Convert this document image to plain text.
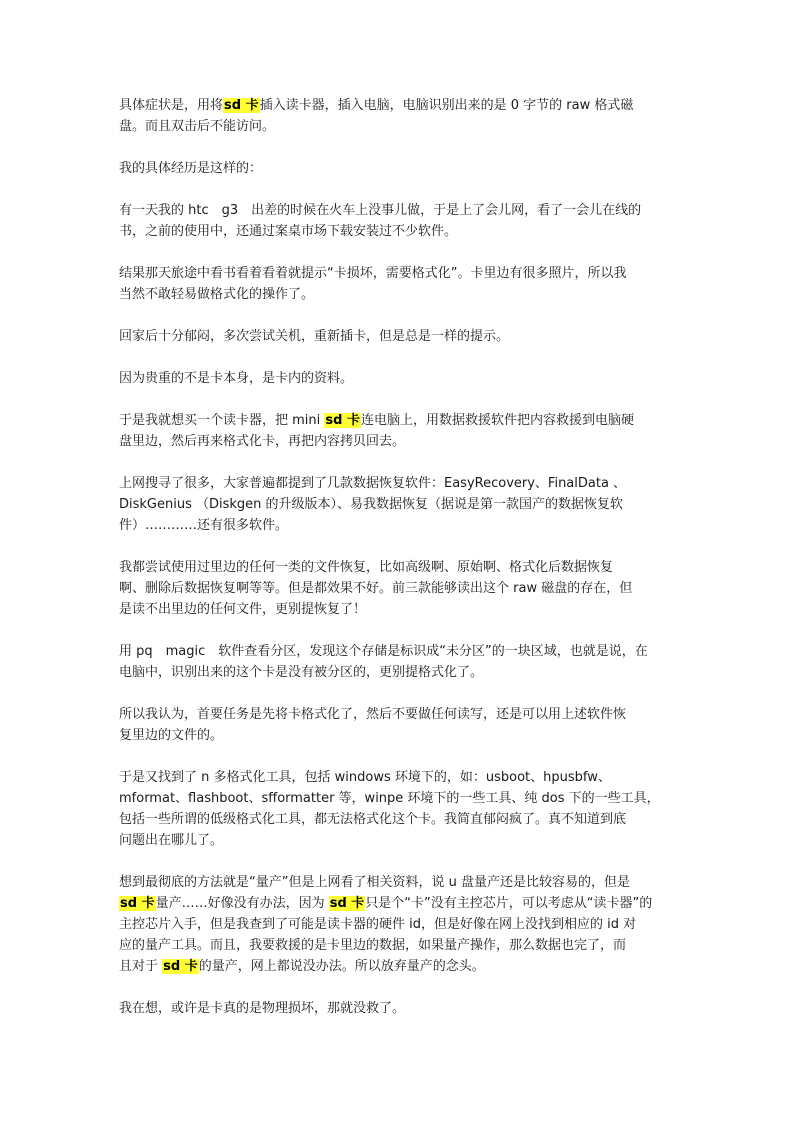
具体症状是，用将sd 卡插入读卡器，插入电脑，电脑识别出来的是 0 字节的 raw 格式磁
盘。而且双击后不能访问。
我的具体经历是这样的：
有一天我的 htc　g3　出差的时候在火车上没事儿做，于是上了会儿网，看了一会儿在线的
书，之前的使用中，还通过案桌市场下载安装过不少软件。
结果那天旅途中看书看着看着就提示“卡损坏，需要格式化”。卡里边有很多照片，所以我
当然不敢轻易做格式化的操作了。
回家后十分郁闷，多次尝试关机，重新插卡，但是总是一样的提示。
因为贵重的不是卡本身，是卡内的资料。
于是我就想买一个读卡器，把 mini sd 卡连电脑上，用数据救援软件把内容救援到电脑硬
盘里边，然后再来格式化卡，再把内容拷贝回去。
上网搜寻了很多，大家普遍都提到了几款数据恢复软件：EasyRecovery、FinalData 、
DiskGenius （Diskgen 的升级版本）、易我数据恢复（据说是第一款国产的数据恢复软
件）…………还有很多软件。
我都尝试使用过里边的任何一类的文件恢复，比如高级啊、原始啊、格式化后数据恢复
啊、删除后数据恢复啊等等。但是都效果不好。前三款能够读出这个 raw 磁盘的存在，但
是读不出里边的任何文件，更别提恢复了！
用 pq　magic　软件查看分区，发现这个存储是标识成“未分区”的一块区域，也就是说，在
电脑中，识别出来的这个卡是没有被分区的，更别提格式化了。
所以我认为，首要任务是先将卡格式化了，然后不要做任何读写，还是可以用上述软件恢
复里边的文件的。
于是又找到了 n 多格式化工具，包括 windows 环境下的，如：usboot、hpusbfw、
mformat、flashboot、sfformatter 等，winpe 环境下的一些工具、纯 dos 下的一些工具，
包括一些所谓的低级格式化工具，都无法格式化这个卡。我简直郁闷疯了。真不知道到底
问题出在哪儿了。
想到最彻底的方法就是“量产”但是上网看了相关资料，说 u 盘量产还是比较容易的，但是
sd 卡量产……好像没有办法，因为 sd 卡只是个“卡”没有主控芯片，可以考虑从“读卡器”的
主控芯片入手，但是我查到了可能是读卡器的硬件 id，但是好像在网上没找到相应的 id 对
应的量产工具。而且，我要救援的是卡里边的数据，如果量产操作，那么数据也完了，而
且对于 sd 卡的量产，网上都说没办法。所以放弃量产的念头。
我在想，或许是卡真的是物理损坏，那就没救了。
